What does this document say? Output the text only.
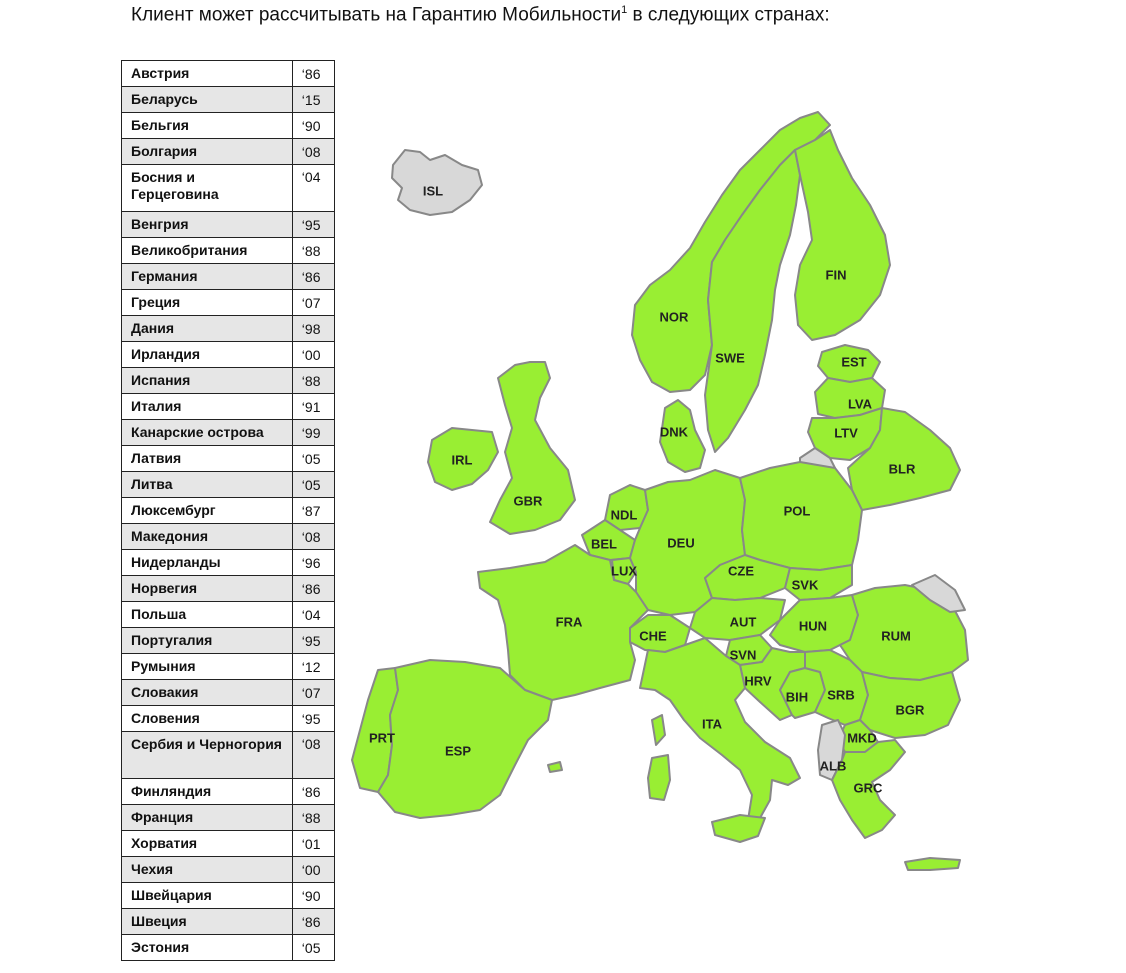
Клиент может рассчитывать на Гарантию Мобильности$^1$ в следующих странах:
Австрия	‘86
Беларусь	‘15
Бельгия	‘90
Болгария	‘08
Босния и Герцеговина	‘04
Венгрия	‘95
Великобритания	‘88
Германия	‘86
Греция	‘07
Дания	‘98
Ирландия	‘00
Испания	‘88
Италия	‘91
Канарские острова	‘99
Латвия	‘05
Литва	‘05
Люксембург	‘87
Македония	‘08
Нидерланды	‘96
Норвегия	‘86
Польша	‘04
Португалия	‘95
Румыния	‘12
Словакия	‘07
Словения	‘95
Сербия и Черногория	‘08
Финляндия	‘86
Франция	‘88
Хорватия	‘01
Чехия	‘00
Швейцария	‘90
Швеция	‘86
Эстония	‘05
ISL
NOR
SWE
FIN
EST
LVA
LTV
BLR
DNK
IRL
GBR
NDL
BEL
LUX
DEU
POL
CZE
SVK
FRA	AUT
CHE
HUN
RUM
SVN
HRV
BIH SRB
BGR
PRT
ESP
ITA
MKD
ALB
GRC
